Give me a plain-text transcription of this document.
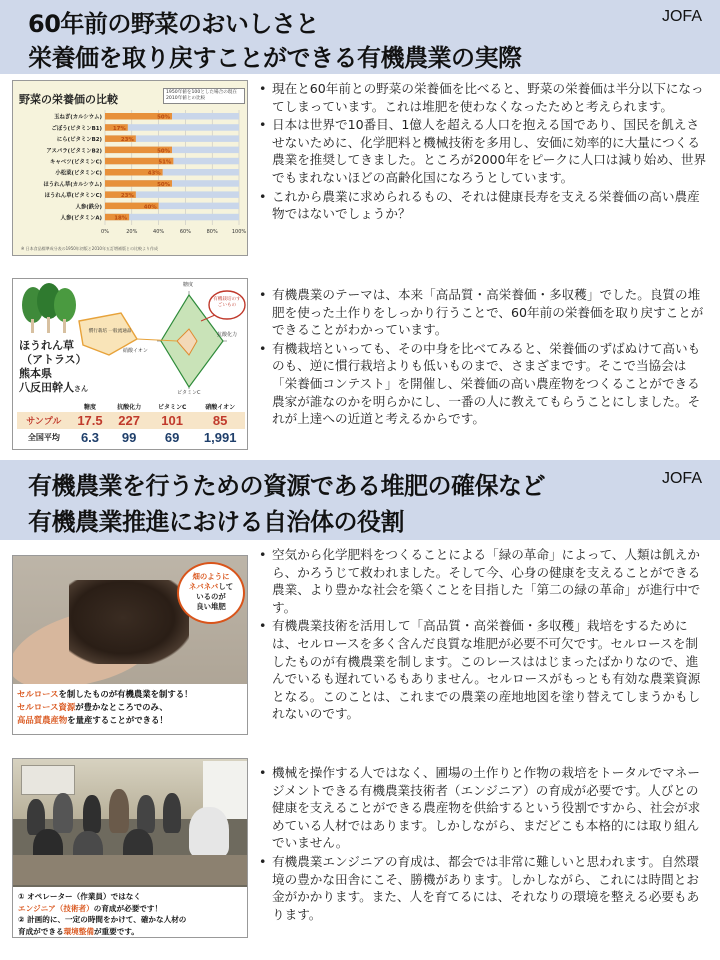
60年前の野菜のおいしさと
栄養価を取り戻すことができる有機農業の実際
JOFA
野菜の栄養価の比較
1950年値を100とした場合の現在2010年値との比較
0%	20%	40%	60%	80%	100%
玉ねぎ(カルシウム)	50%
ごぼう(ビタミンB1) 17%
にら(ビタミンB2)	23%
アスパラ(ビタミンB2)	50%
キャベツ(ビタミンC)	51%
小松菜(ビタミンC)	43%
ほうれん草(カルシウム)	50%
ほうれん草(ビタミンC)	23%
人参(鉄分)	40%
人参(ビタミンA) 18%
※ 日本食品標準成分表の1950年初版と2010年五訂増補版との比較より作成
• 現在と60年前との野菜の栄養価を比べると、野菜の栄養価は半分以下になってしまっています。これは堆肥を使わなくなったためと考えられます。
• 日本は世界で10番目、1億人を超える人口を抱える国であり、国民を飢えさせないために、化学肥料と機械技術を多用し、安価に効率的に大量につくる農業を推奨してきました。ところが2000年をピークに人口は減り始め、世界でもまれないほどの高齢化国になろうとしています。
• これから農業に求められるもの、それは健康長寿を支える栄養価の高い農産物ではないでしょうか？
ほうれん草
（アトラス）
熊本県
八反田幹人さん
糖度
抗酸化力
ビタミンC
硝酸イオン
慣行栽培 一般流通品
有機栽培のすごいもの
	糖度	抗酸化力	ビタミンC	硝酸イオン
サンプル	17.5	227	101	85
全国平均	6.3	99	69	1,991
• 有機農業のテーマは、本来「高品質・高栄養価・多収穫」でした。良質の堆肥を使った土作りをしっかり行うことで、60年前の栄養価を取り戻すことができることがわかっています。
• 有機栽培といっても、その中身を比べてみると、栄養価のずばぬけて高いものも、逆に慣行栽培よりも低いものまで、さまざまです。そこで当協会は「栄養価コンテスト」を開催し、栄養価の高い農産物をつくることができる農家が誰なのかを明らかにし、一番の人に教えてもらうことにしました。それが上達への近道と考えるからです。
有機農業を行うための資源である堆肥の確保など
有機農業推進における自治体の役割
JOFA
畑のように
ネバネバして
いるのが
良い堆肥
セルロースを制したものが有機農業を制する！
セルロース資源が豊かなところでのみ、
高品質農産物を量産することができる！
• 空気から化学肥料をつくることによる「緑の革命」によって、人類は飢えから、かろうじて救われました。そして今、心身の健康を支えることができる農業、より豊かな社会を築くことを目指した「第二の緑の革命」が進行中です。
• 有機農業技術を活用して「高品質・高栄養価・多収穫」栽培をするためには、セルロースを多く含んだ良質な堆肥が必要不可欠です。セルロースを制したものが有機農業を制します。このレースははじまったばかりなので、進んでいるも遅れているもありません。セルロースがもっとも有効な農業資源となる。このことは、これまでの農業の産地地図を塗り替えてしまうかもしれないのです。
① オペレーター（作業員）ではなく
エンジニア（技術者）の育成が必要です！
② 計画的に、一定の時間をかけて、確かな人材の
育成ができる環境整備が重要です。
• 機械を操作する人ではなく、圃場の土作りと作物の栽培をトータルでマネージメントできる有機農業技術者（エンジニア）の育成が必要です。人びとの健康を支えることができる農産物を供給するという役割ですから、社会が求めている人材ではあります。しかしながら、まだどこも本格的には取り組んでいません。
• 有機農業エンジニアの育成は、都会では非常に難しいと思われます。自然環境の豊かな田舎にこそ、勝機があります。しかしながら、これには時間とお金がかかります。また、人を育てるには、それなりの環境を整える必要もあります。
